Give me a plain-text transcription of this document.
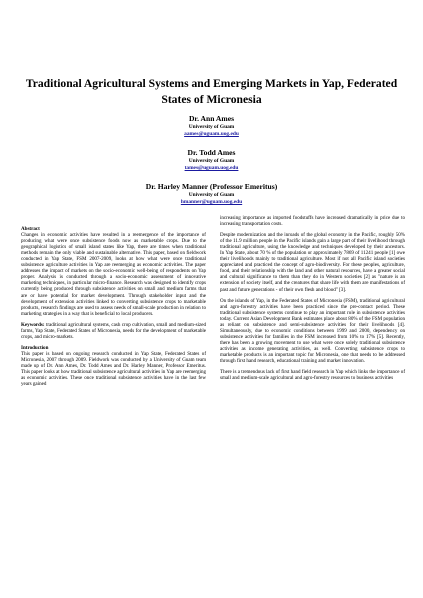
Traditional Agricultural Systems and Emerging Markets in Yap, Federated States of Micronesia
Dr. Ann Ames
University of Guam
aames@uguam.uog.edu
Dr. Todd Ames
University of Guam
tames@uguam.uog.edu
Dr. Harley Manner (Professor Emeritus)
University of Guam
hmanner@uguam.uog.edu
Abstract
Changes in economic activities have resulted in a reemergence of the importance of producing what were once subsistence foods now as marketable crops. Due to the geographical logistics of small island states like Yap, there are times when traditional methods remain the only viable and sustainable alternative. This paper, based on fieldwork conducted in Yap State, FSM 2007-2009, looks at how what were once traditional subsistence agriculture activities in Yap are reemerging as economic activities. The paper addresses the impact of markets on the socio-economic well-being of respondents on Yap proper. Analysis is conducted through a socio-economic assessment of innovative marketing techniques, in particular micro-finance. Research was designed to identify crops currently being produced through subsistence activities on small and medium farms that are or have potential for market development. Through stakeholder input and the development of extension activities linked to converting subsistence crops to marketable products, research findings are used to assess needs of small-scale production in relation to marketing strategies in a way that is beneficial to local producers.
Keywords: traditional agricultural systems, cash crop cultivation, small and medium-sized farms, Yap State, Federated States of Micronesia, needs for the development of marketable crops, and micro-markets.
Introduction
This paper is based on ongoing research conducted in Yap State, Federated States of Micronesia, 2007 through 2009. Fieldwork was conducted by a University of Guam team made up of Dr. Ann Ames, Dr. Todd Ames and Dr. Harley Manner, Professor Emeritus. This paper looks at how traditional subsistence agricultural activities in Yap are reemerging as economic activities. These once traditional subsistence activities have in the last few years gained
increasing importance as imported foodstuffs have increased dramatically in price due to increasing transportation costs.
Despite modernization and the inroads of the global economy in the Pacific, roughly 50% of the 11.9 million people in the Pacific islands gain a large part of their livelihood through traditional agriculture, using the knowledge and techniques developed by their ancestors. In Yap State, about 70 % of the population or approximately 7869 of 11241 people [1] owe their livelihoods mainly to traditional agriculture. Most if not all Pacific island societies appreciated and practiced the concept of agro-biodiversity. For these peoples, agriculture, food, and their relationship with the land and other natural resources, have a greater social and cultural significance to them than they do in Western societies [2] as "nature is an extension of society itself, and the creatures that share life with them are manifestations of past and future generations - of their own flesh and blood" [3].
On the islands of Yap, in the Federated States of Micronesia (FSM), traditional agricultural and agro-forestry activities have been practiced since the pre-contact period. These traditional subsistence systems continue to play an important role in subsistence activities today. Current Asian Development Bank estimates place about 80% of the FSM population as reliant on subsistence and semi-subsistence activities for their livelihoods [4]. Simultaneously, due to economic conditions between 1999 and 2000, dependency on subsistence activities for families in the FSM increased from 10% to 17% [5]. Recently, there has been a growing movement to use what were once solely traditional subsistence activities as income generating activities, as well. Converting subsistence crops to marketable products is an important topic for Micronesia, one that needs to be addressed through first hand research, educational training and market innovation.
There is a tremendous lack of first hand field research in Yap which links the importance of small and medium-scale agricultural and agro-forestry resources to business activities
